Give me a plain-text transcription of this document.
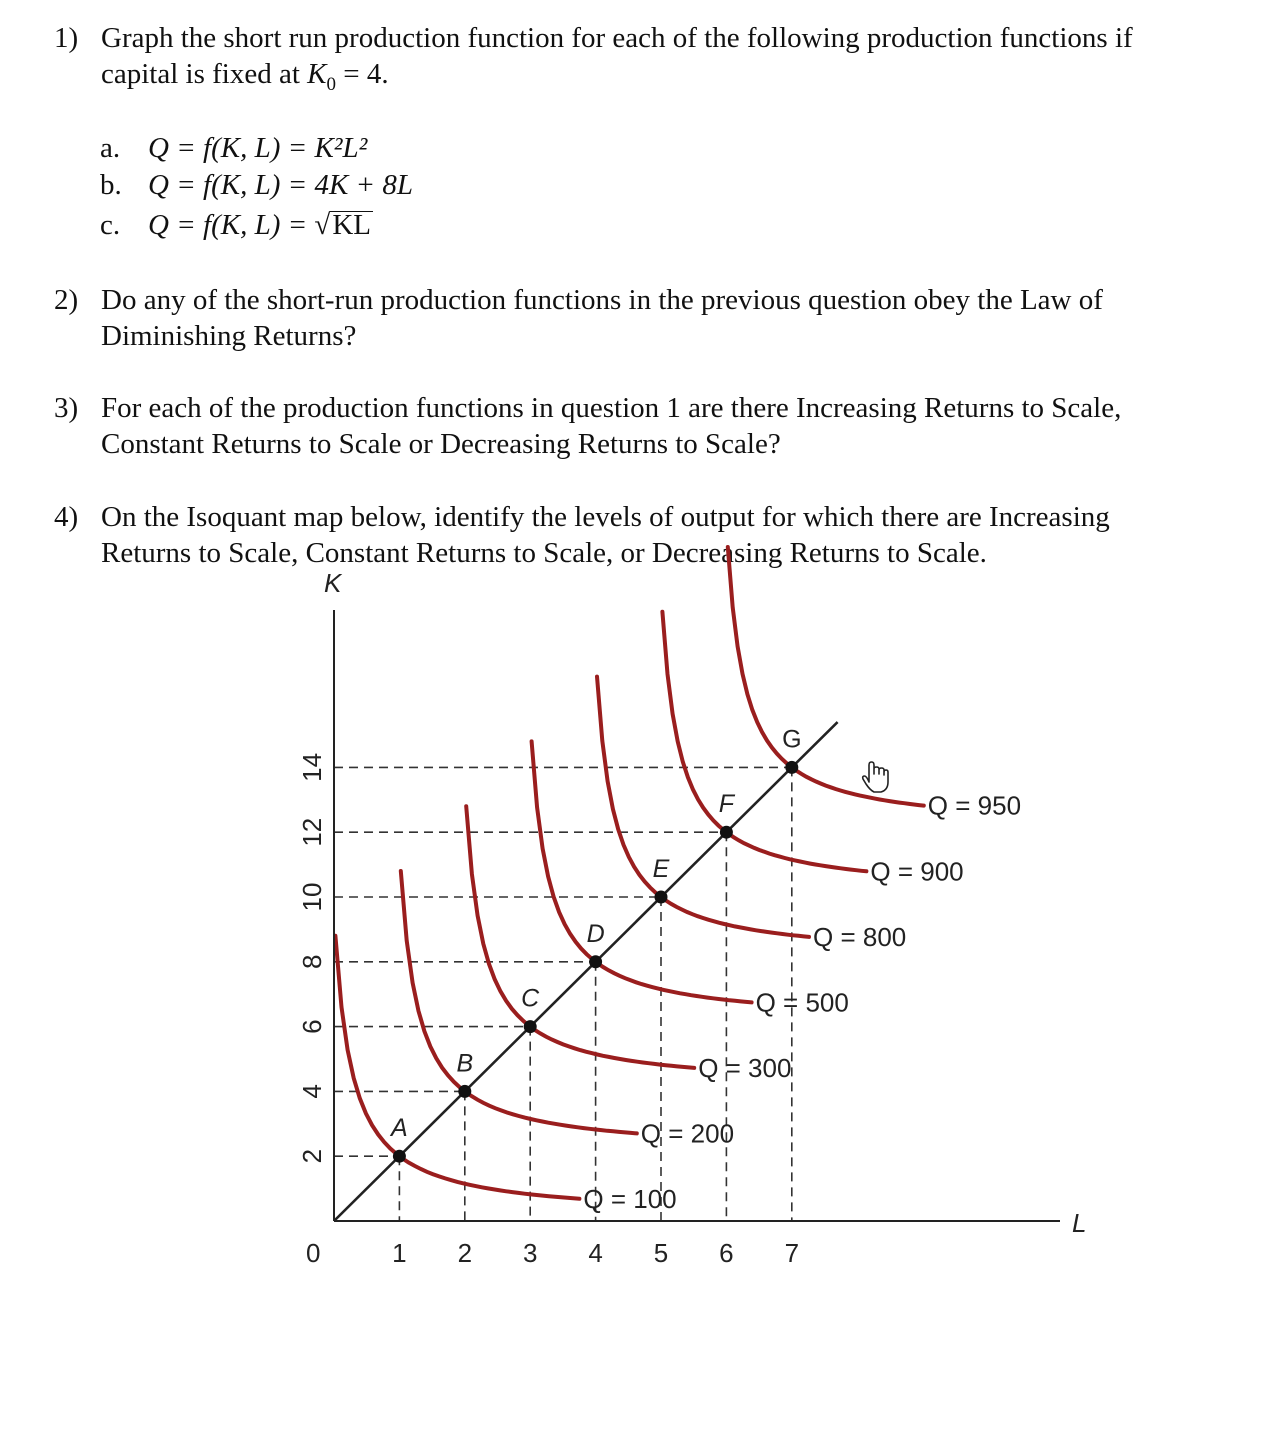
1) Graph the short run production function for each of the following production functions if
capital is fixed at $K_0 = 4$.
a. Q = f(K, L) = K²L²
b. Q = f(K, L) = 4K + 8L
c. Q = f(K, L) = √KL
2) Do any of the short-run production functions in the previous question obey the Law of
Diminishing Returns?
3) For each of the production functions in question 1 are there Increasing Returns to Scale,
Constant Returns to Scale or Decreasing Returns to Scale?
4) On the Isoquant map below, identify the levels of output for which there are Increasing
Returns to Scale, Constant Returns to Scale, or Decreasing Returns to Scale.
K
L
0	1 2 3 4 5 6 7
2
4
6
8
10
12
14
Q = 100
Q = 200
Q = 300
Q = 500
Q = 800
Q = 900
Q = 950
A
B
C
D
E
F
G
